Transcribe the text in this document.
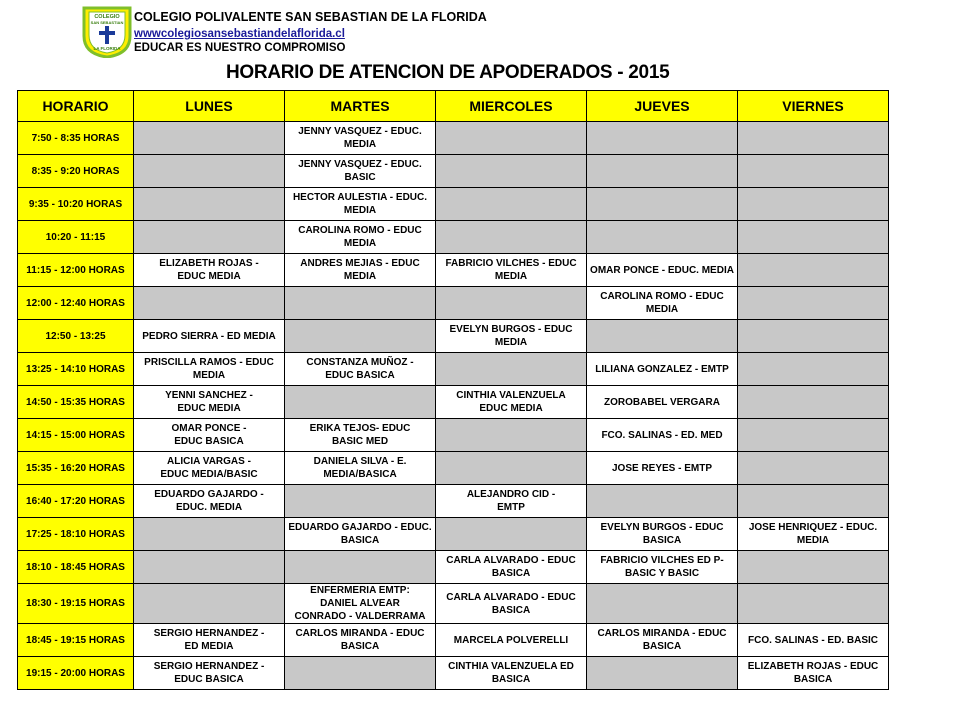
COLEGIO
SAN SEBASTIAN
LA FLORIDA
COLEGIO POLIVALENTE SAN SEBASTIAN DE LA FLORIDA
wwwcolegiosansebastiandelaflorida.cl
EDUCAR ES NUESTRO COMPROMISO
HORARIO DE ATENCION DE APODERADOS - 2015
HORARIO	LUNES	MARTES	MIERCOLES	JUEVES	VIERNES
7:50 - 8:35 HORAS		JENNY VASQUEZ - EDUC.
MEDIA			
8:35 - 9:20 HORAS		JENNY VASQUEZ - EDUC.
BASIC			
9:35 - 10:20 HORAS		HECTOR AULESTIA - EDUC.
MEDIA			
10:20 - 11:15		CAROLINA ROMO - EDUC
MEDIA			
11:15 - 12:00 HORAS	ELIZABETH ROJAS -
EDUC MEDIA	ANDRES MEJIAS - EDUC
MEDIA	FABRICIO VILCHES - EDUC
MEDIA	OMAR PONCE - EDUC. MEDIA	
12:00 - 12:40 HORAS				CAROLINA ROMO - EDUC
MEDIA	
12:50 - 13:25	PEDRO SIERRA - ED MEDIA		EVELYN BURGOS - EDUC
MEDIA		
13:25 - 14:10 HORAS	PRISCILLA RAMOS - EDUC
MEDIA	CONSTANZA MUÑOZ -
EDUC BASICA		LILIANA GONZALEZ - EMTP	
14:50 - 15:35 HORAS	YENNI SANCHEZ -
EDUC MEDIA		CINTHIA VALENZUELA
EDUC MEDIA	ZOROBABEL VERGARA	
14:15 - 15:00 HORAS	OMAR PONCE -
EDUC BASICA	ERIKA TEJOS- EDUC
BASIC MED		FCO. SALINAS - ED. MED	
15:35 - 16:20 HORAS	ALICIA VARGAS -
EDUC MEDIA/BASIC	DANIELA SILVA - E.
MEDIA/BASICA		JOSE REYES - EMTP	
16:40 - 17:20 HORAS	EDUARDO GAJARDO -
EDUC. MEDIA		ALEJANDRO CID -
EMTP		
17:25 - 18:10 HORAS		EDUARDO GAJARDO - EDUC.
BASICA		EVELYN BURGOS - EDUC
BASICA	JOSE HENRIQUEZ - EDUC.
MEDIA
18:10 - 18:45 HORAS			CARLA ALVARADO - EDUC
BASICA	FABRICIO VILCHES ED P-
BASIC Y BASIC	
18:30 - 19:15 HORAS		ENFERMERIA EMTP:
DANIEL ALVEAR
CONRADO - VALDERRAMA	CARLA ALVARADO - EDUC
BASICA		
18:45 - 19:15 HORAS	SERGIO HERNANDEZ -
ED MEDIA	CARLOS MIRANDA - EDUC
BASICA	MARCELA POLVERELLI	CARLOS MIRANDA - EDUC
BASICA	FCO. SALINAS - ED. BASIC
19:15 - 20:00 HORAS	SERGIO HERNANDEZ -
EDUC BASICA		CINTHIA VALENZUELA ED
BASICA		ELIZABETH ROJAS - EDUC
BASICA
